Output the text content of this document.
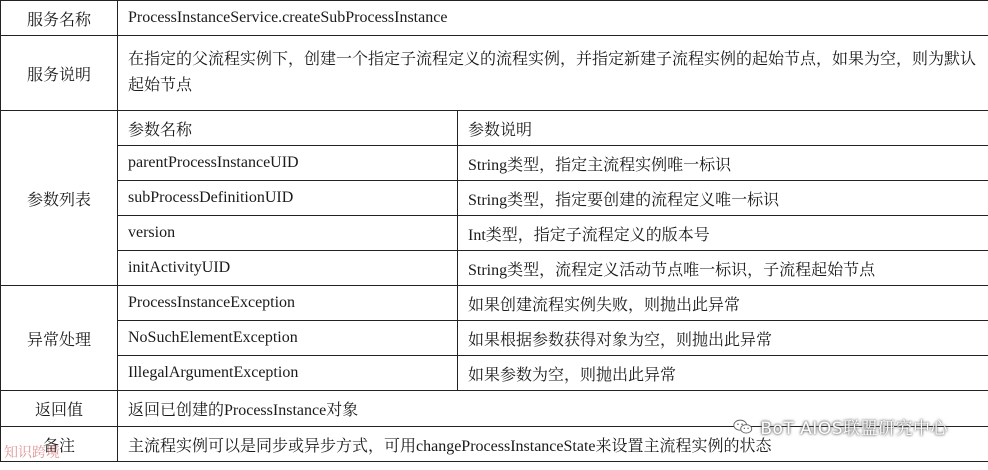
服务名称	ProcessInstanceService.createSubProcessInstance	
服务说明	在指定的父流程实例下，创建一个指定子流程定义的流程实例，并指定新建子流程实例的起始节点，如果为空，则为默认起始节点	
参数列表	参数名称	参数说明
	parentProcessInstanceUID	String类型，指定主流程实例唯一标识
	subProcessDefinitionUID	String类型，指定要创建的流程定义唯一标识
	version	Int类型，指定子流程定义的版本号
	initActivityUID	String类型，流程定义活动节点唯一标识，子流程起始节点
异常处理	ProcessInstanceException	如果创建流程实例失败，则抛出此异常
	NoSuchElementException	如果根据参数获得对象为空，则抛出此异常
	IllegalArgumentException	如果参数为空，则抛出此异常
返回值	返回已创建的ProcessInstance对象	
备注	主流程实例可以是同步或异步方式，可用changeProcessInstanceState来设置主流程实例的状态	
BoT AIOS联盟研究中心
知识跨境
